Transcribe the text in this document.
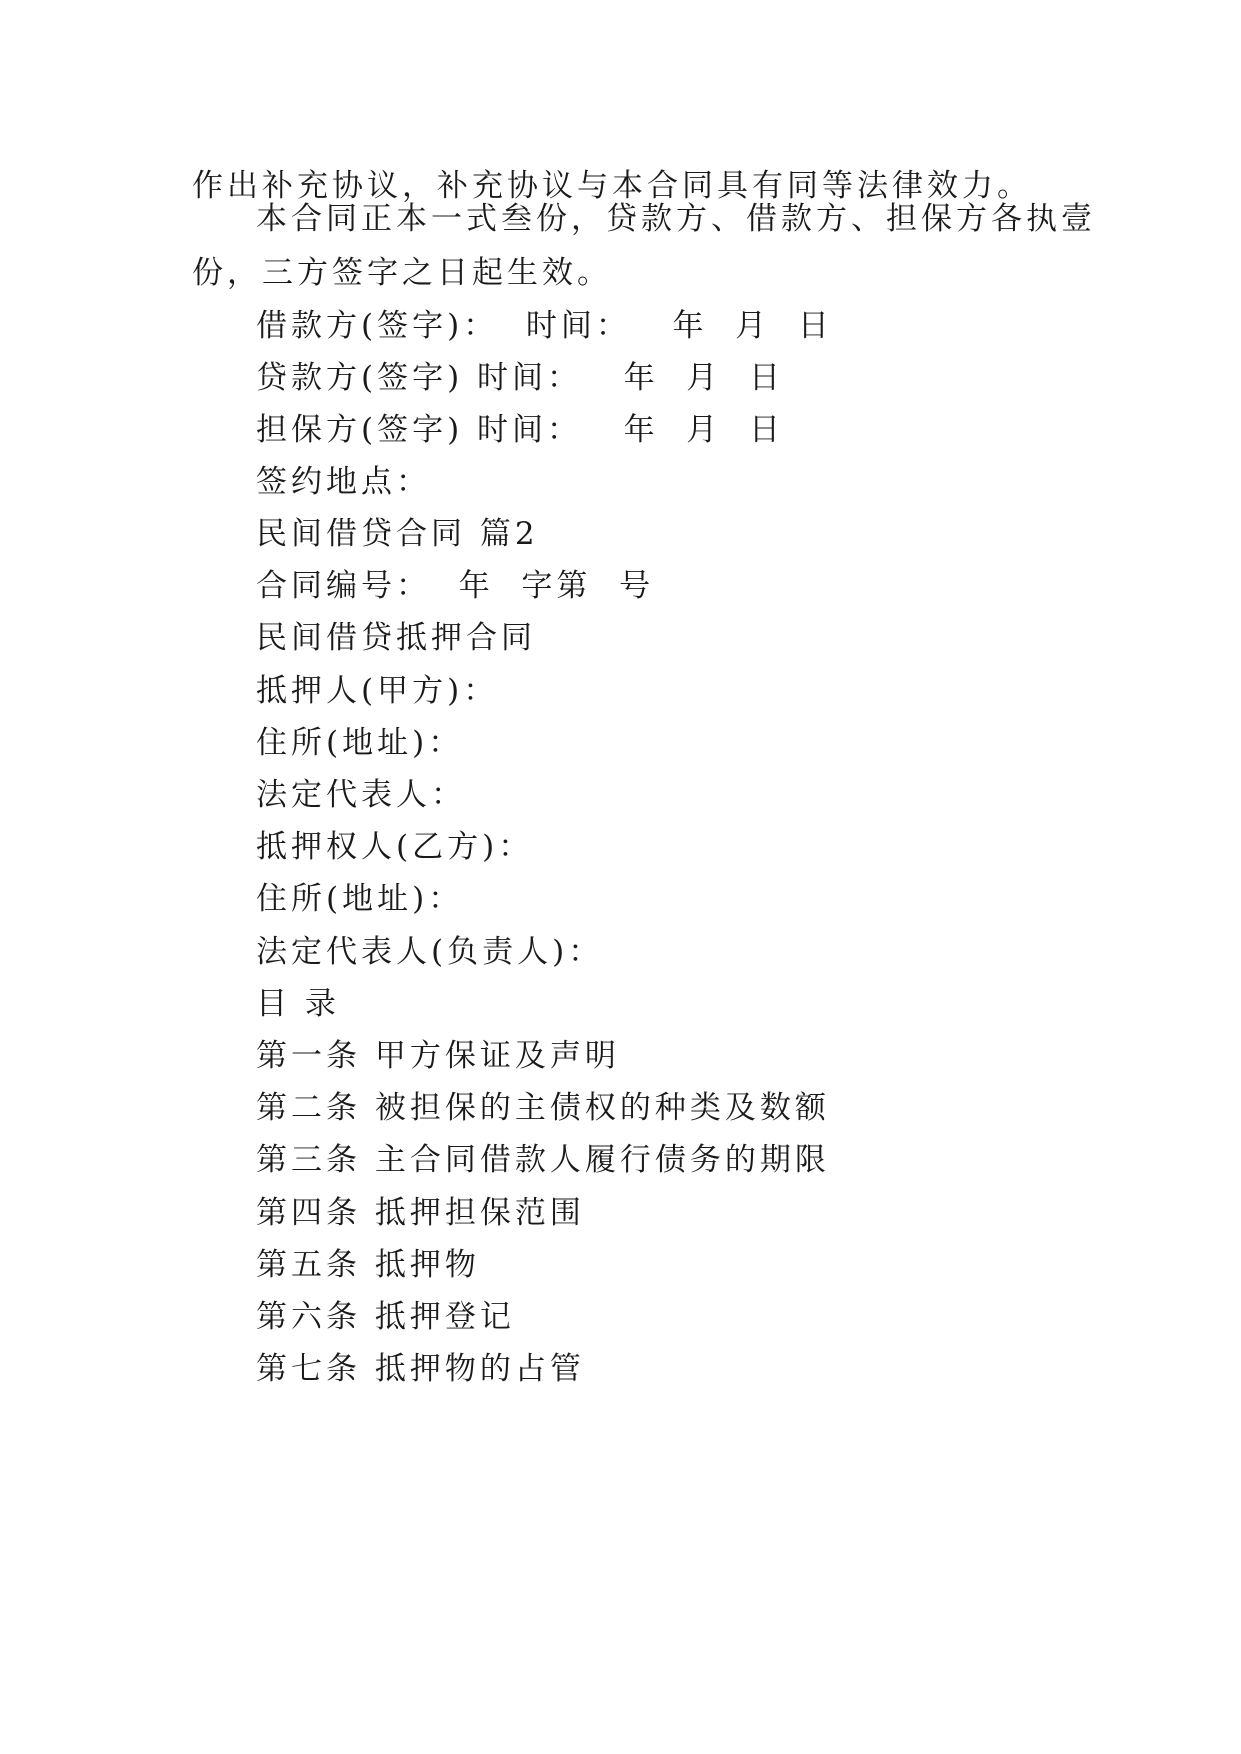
作出补充协议，补充协议与本合同具有同等法律效力。
本合同正本一式叁份，贷款方、借款方、担保方各执壹
份，三方签字之日起生效。
借款方(签字)：  时间：   年  月  日
贷款方(签字) 时间：   年  月  日
担保方(签字) 时间：   年  月  日
签约地点：
民间借贷合同 篇2
合同编号：  年  字第  号
民间借贷抵押合同
抵押人(甲方)：
住所(地址)：
法定代表人：
抵押权人(乙方)：
住所(地址)：
法定代表人(负责人)：
目 录
第一条 甲方保证及声明
第二条 被担保的主债权的种类及数额
第三条 主合同借款人履行债务的期限
第四条 抵押担保范围
第五条 抵押物
第六条 抵押登记
第七条 抵押物的占管
